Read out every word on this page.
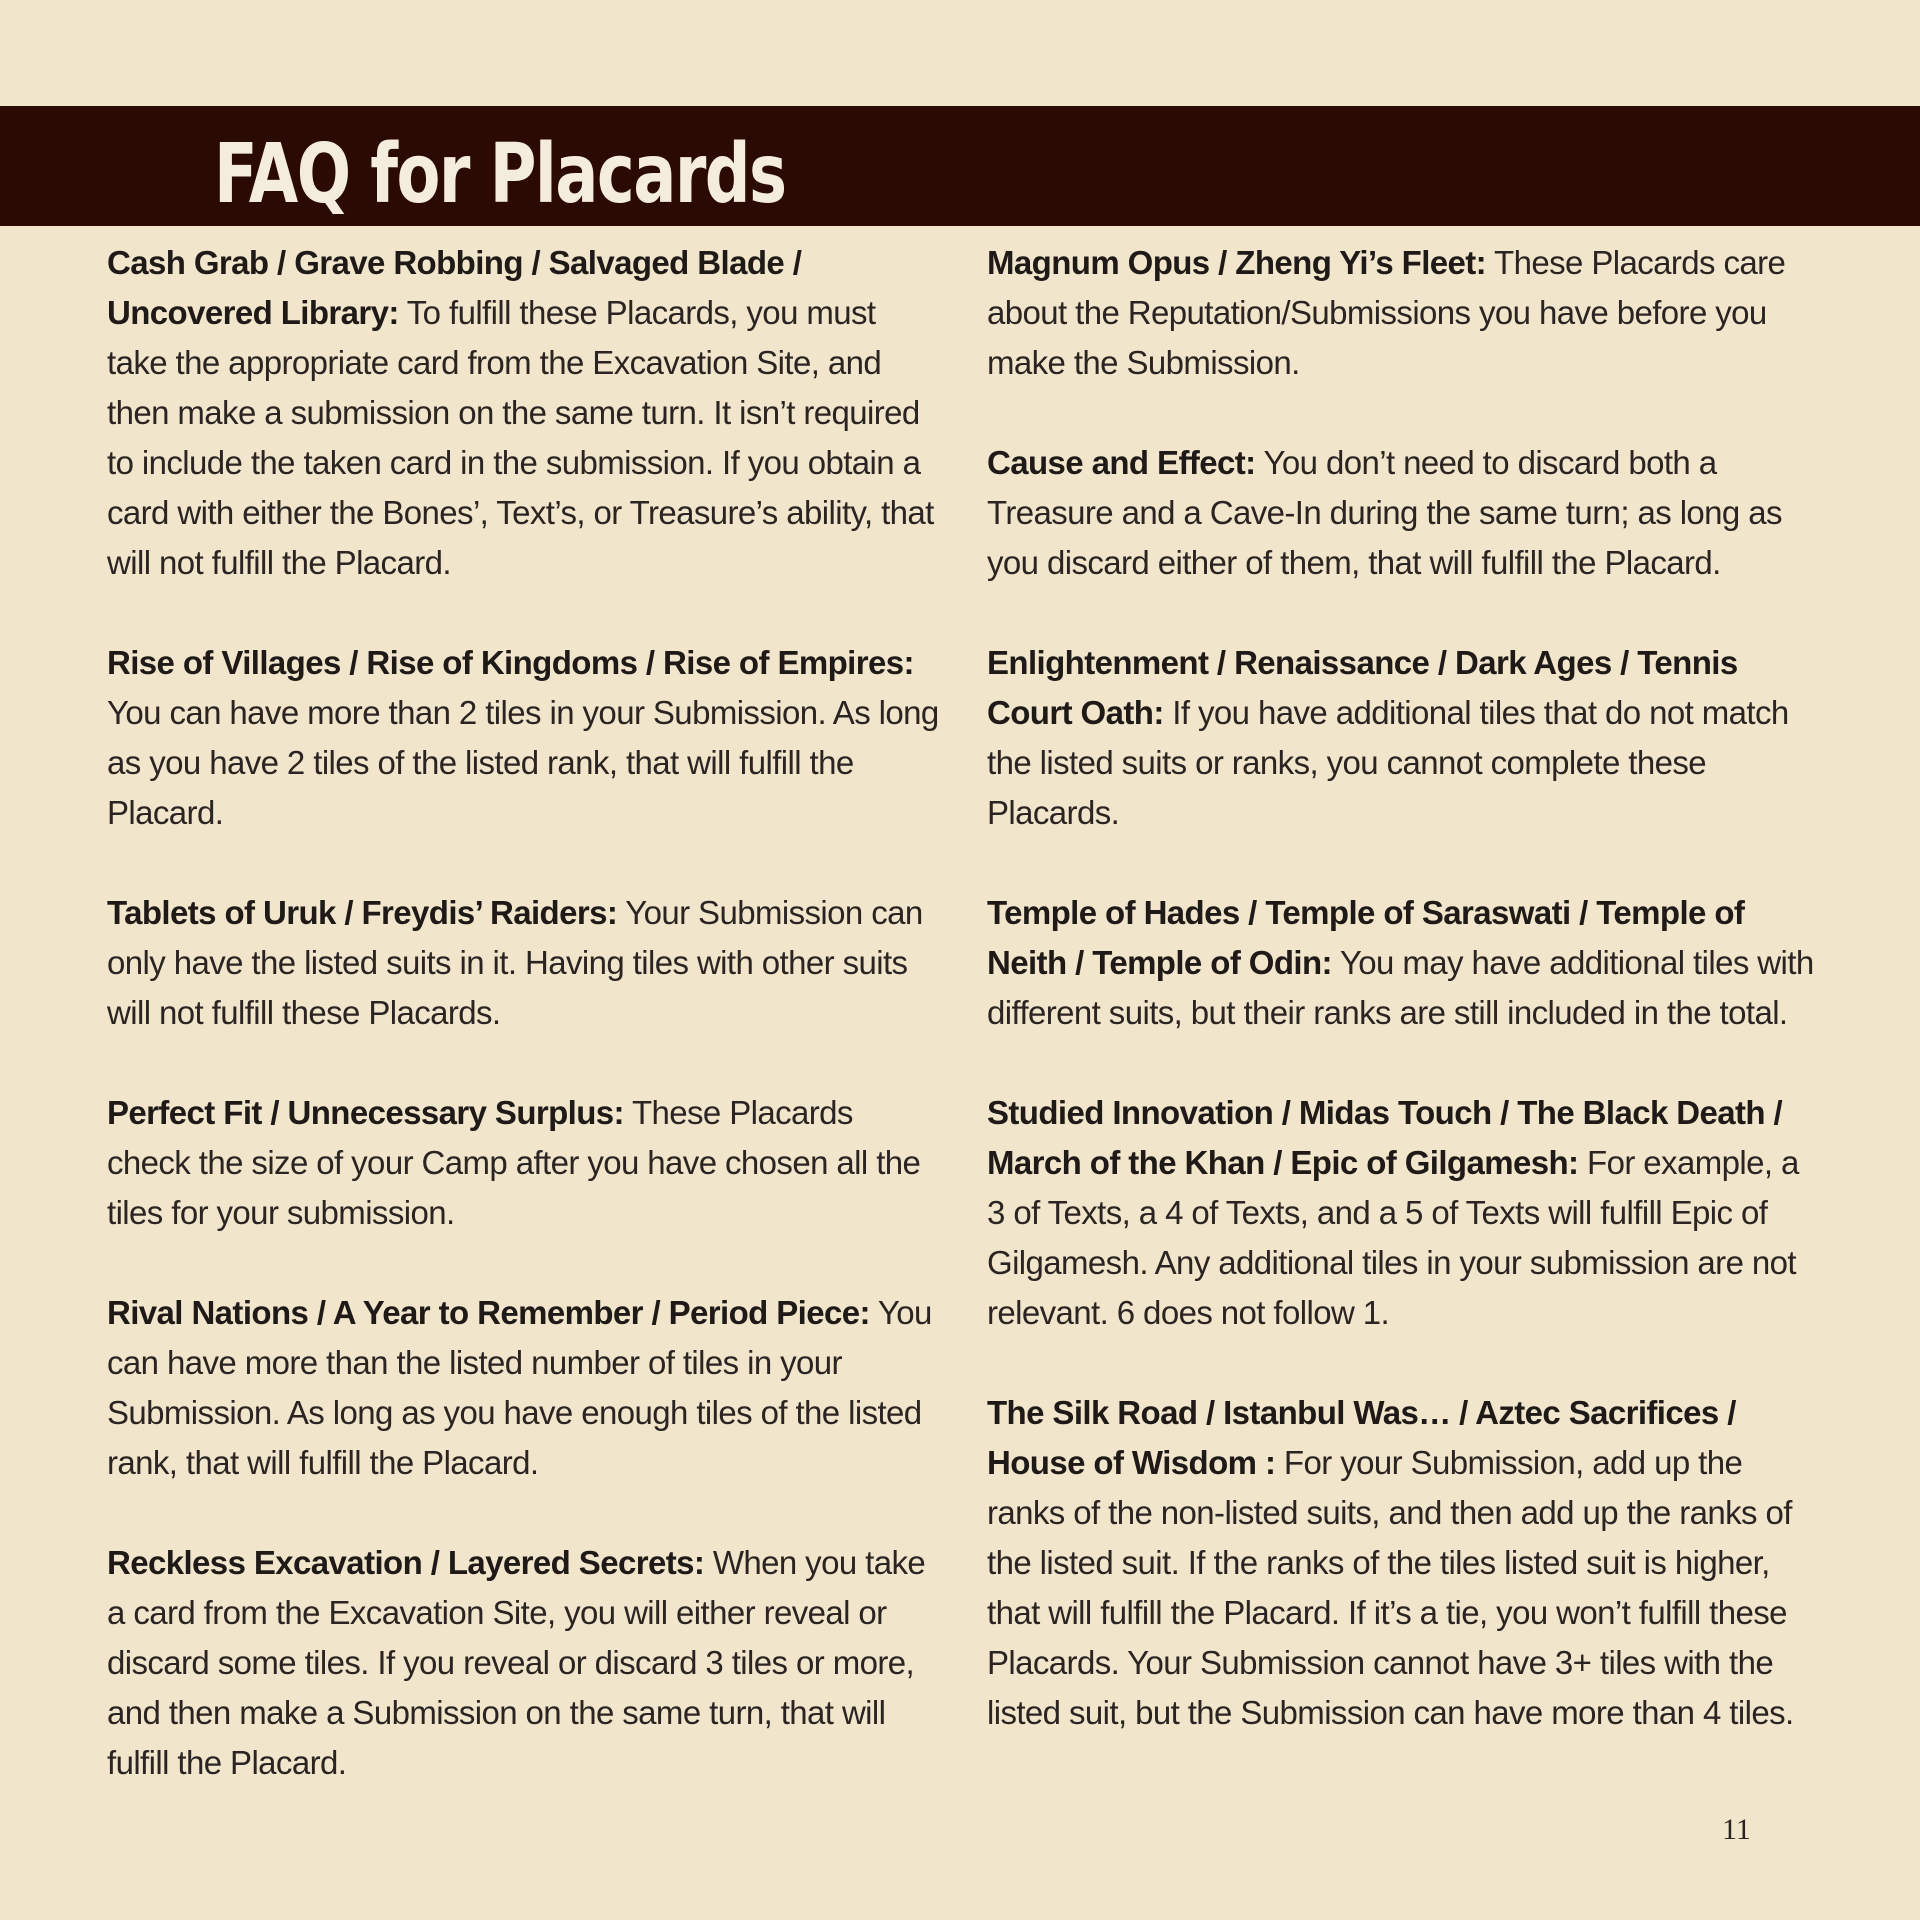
FAQ for Placards

Cash Grab / Grave Robbing / Salvaged Blade / Uncovered Library: To fulfill these Placards, you must take the appropriate card from the Excavation Site, and then make a submission on the same turn. It isn’t required to include the taken card in the submission. If you obtain a card with either the Bones’, Text’s, or Treasure’s ability, that will not fulfill the Placard.

Rise of Villages / Rise of Kingdoms / Rise of Empires: You can have more than 2 tiles in your Submission. As long as you have 2 tiles of the listed rank, that will fulfill the Placard.

Tablets of Uruk / Freydis’ Raiders: Your Submission can only have the listed suits in it. Having tiles with other suits will not fulfill these Placards.

Perfect Fit / Unnecessary Surplus: These Placards check the size of your Camp after you have chosen all the tiles for your submission.

Rival Nations / A Year to Remember / Period Piece: You can have more than the listed number of tiles in your Submission. As long as you have enough tiles of the listed rank, that will fulfill the Placard.

Reckless Excavation / Layered Secrets: When you take a card from the Excavation Site, you will either reveal or discard some tiles. If you reveal or discard 3 tiles or more, and then make a Submission on the same turn, that will fulfill the Placard.

Magnum Opus / Zheng Yi’s Fleet: These Placards care about the Reputation/Submissions you have before you make the Submission.

Cause and Effect: You don’t need to discard both a Treasure and a Cave-In during the same turn; as long as you discard either of them, that will fulfill the Placard.

Enlightenment / Renaissance / Dark Ages / Tennis Court Oath: If you have additional tiles that do not match the listed suits or ranks, you cannot complete these Placards.

Temple of Hades / Temple of Saraswati / Temple of Neith / Temple of Odin: You may have additional tiles with different suits, but their ranks are still included in the total.

Studied Innovation / Midas Touch / The Black Death / March of the Khan / Epic of Gilgamesh: For example, a 3 of Texts, a 4 of Texts, and a 5 of Texts will fulfill Epic of Gilgamesh. Any additional tiles in your submission are not relevant. 6 does not follow 1.

The Silk Road / Istanbul Was… / Aztec Sacrifices / House of Wisdom : For your Submission, add up the ranks of the non-listed suits, and then add up the ranks of the listed suit. If the ranks of the tiles listed suit is higher, that will fulfill the Placard. If it’s a tie, you won’t fulfill these Placards. Your Submission cannot have 3+ tiles with the listed suit, but the Submission can have more than 4 tiles.

11
